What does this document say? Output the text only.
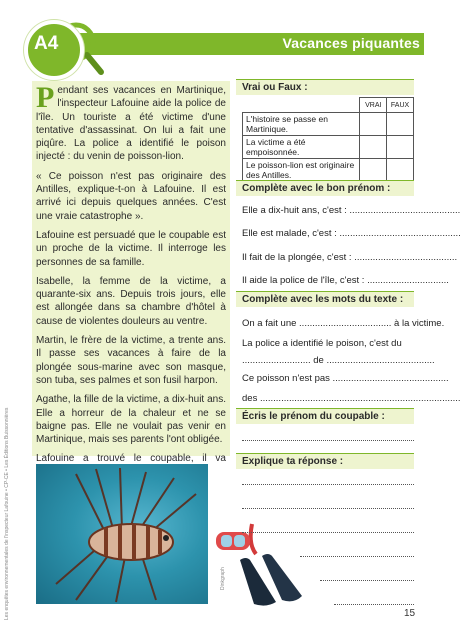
Vacances piquantes
A4

Pendant ses vacances en Martinique, l'inspecteur Lafouine aide la police de l'île. Un touriste a été victime d'une tentative d'assassinat. On lui a fait une piqûre. La police a identifié le poison injecté : du venin de poisson-lion.

« Ce poisson n'est pas originaire des Antilles, explique-t-on à Lafouine. Il est arrivé ici depuis quelques années. C'est une vraie catastrophe ».

Lafouine est persuadé que le coupable est un proche de la victime. Il interroge les personnes de sa famille.

Isabelle, la femme de la victime, a quarante-six ans. Depuis trois jours, elle est allongée dans sa chambre d'hôtel à cause de violentes douleurs au ventre.

Martin, le frère de la victime, a trente ans. Il passe ses vacances à faire de la plongée sous-marine avec son masque, son tuba, ses palmes et son fusil harpon.

Agathe, la fille de la victime, a dix-huit ans. Elle a horreur de la chaleur et ne se baigne pas. Elle ne voulait pas venir en Martinique, mais ses parents l'ont obligée.

Lafouine a trouvé le coupable, il va

Les enquêtes environnementales de l'inspecteur Lafouine • CP-CE • Les Éditions Buissonnières	Dinkgraph
Vrai ou Faux :
	VRAI	FAUX
L'histoire se passe en Martinique.		
La victime a été empoisonnée.		
Le poisson-lion est originaire des Antilles.		
Complète avec le bon prénom :
Elle a dix-huit ans, c'est : ..........................................
Elle est malade, c'est : ..............................................
Il fait de la plongée, c'est : .......................................
Il aide la police de l'île, c'est : ...............................
Complète avec les mots du texte :
On a fait une ................................... à la victime.
La police a identifié le poison, c'est du
.......................... de .........................................
Ce poisson n'est pas ............................................
des ............................................................................
Écris le prénom du coupable :
Explique ta réponse :
15
